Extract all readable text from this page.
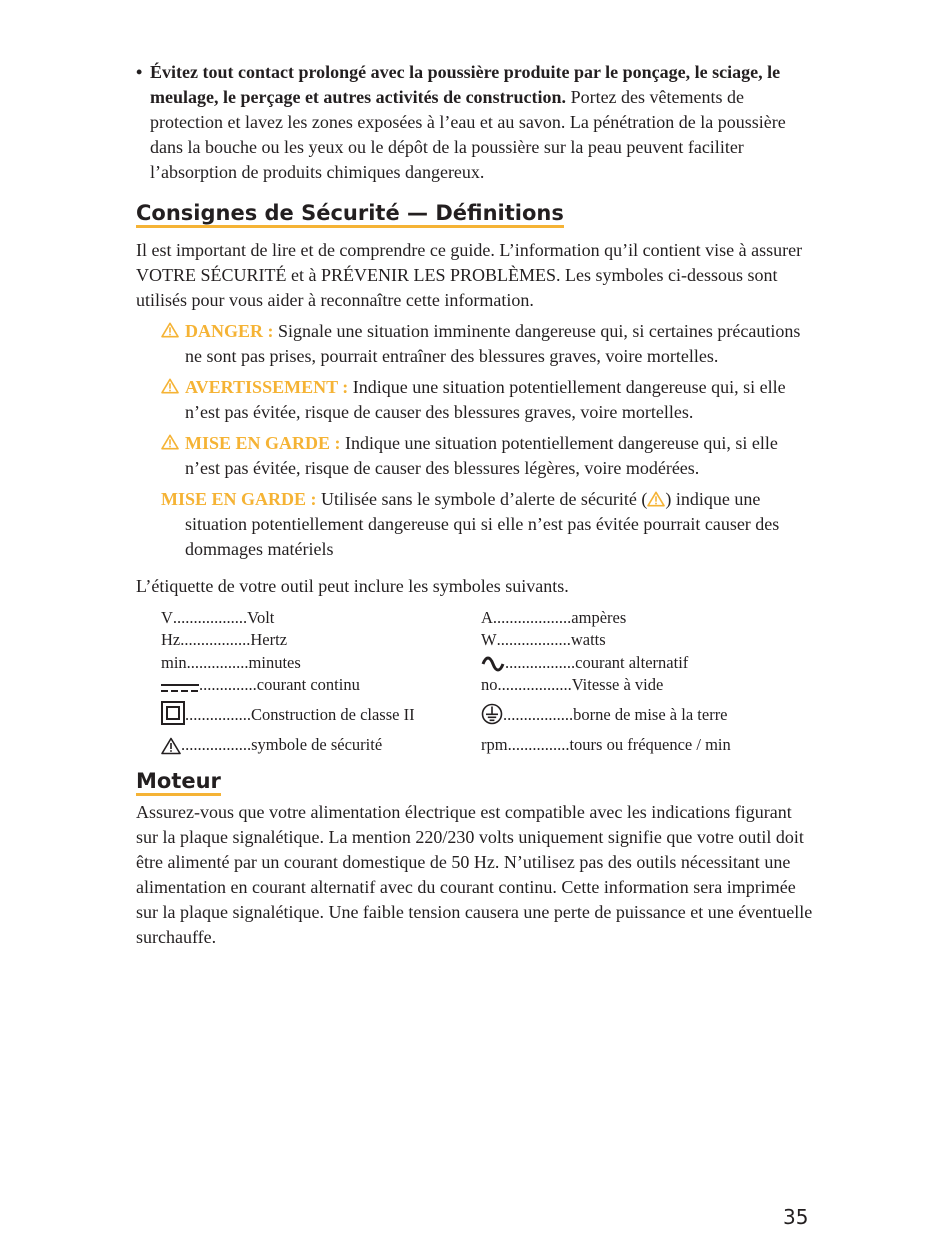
• Évitez tout contact prolongé avec la poussière produite par le ponçage, le sciage, le meulage, le perçage et autres activités de construction. Portez des vêtements de protection et lavez les zones exposées à l’eau et au savon. La pénétration de la poussière dans la bouche ou les yeux ou le dépôt de la poussière sur la peau peuvent faciliter l’absorption de produits chimiques dangereux.

Consignes de Sécurité — Définitions

Il est important de lire et de comprendre ce guide. L’information qu’il contient vise à assurer VOTRE SÉCURITÉ et à PRÉVENIR LES PROBLÈMES. Les symboles ci-dessous sont utilisés pour vous aider à reconnaître cette information.

DANGER : Signale une situation imminente dangereuse qui, si certaines précautions ne sont pas prises, pourrait entraîner des blessures graves, voire mortelles.
AVERTISSEMENT : Indique une situation potentiellement dangereuse qui, si elle n’est pas évitée, risque de causer des blessures graves, voire mortelles.
MISE EN GARDE : Indique une situation potentiellement dangereuse qui, si elle n’est pas évitée, risque de causer des blessures légères, voire modérées.
MISE EN GARDE : Utilisée sans le symbole d’alerte de sécurité ( ) indique une situation potentiellement dangereuse qui si elle n’est pas évitée pourrait causer des dommages matériels

L’étiquette de votre outil peut inclure les symboles suivants.

V .................. Volt	A ................... ampères
Hz ................. Hertz	W .................. watts
min ............... minutes	................. courant alternatif
.............. courant continu	no .................. Vitesse à vide
................ Construction de classe II	................. borne de mise à la terre
................. symbole de sécurité	rpm ............... tours ou fréquence / min
Moteur

Assurez-vous que votre alimentation électrique est compatible avec les indications figurant sur la plaque signalétique. La mention 220/230 volts uniquement signifie que votre outil doit être alimenté par un courant domestique de 50 Hz. N’utilisez pas des outils nécessitant une alimentation en courant alternatif avec du courant continu. Cette information sera imprimée sur la plaque signalétique. Une faible tension causera une perte de puissance et une éventuelle surchauffe.

35
